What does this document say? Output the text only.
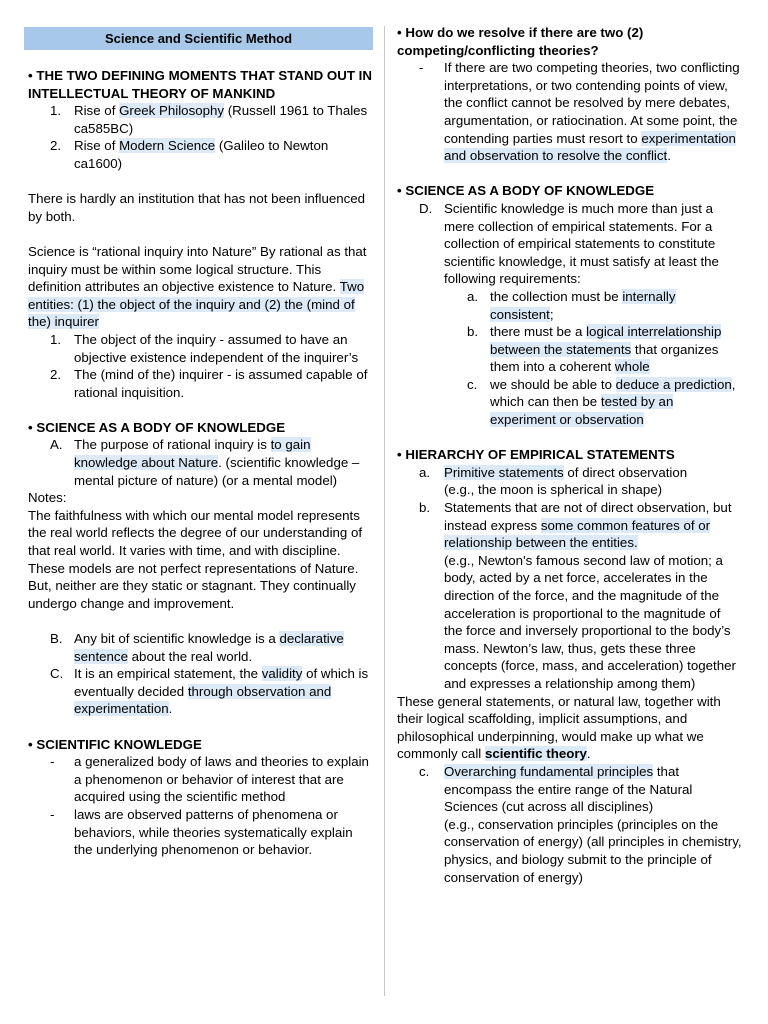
Science and Scientific Method

• THE TWO DEFINING MOMENTS THAT STAND OUT IN INTELLECTUAL THEORY OF MANKIND

1. Rise of Greek Philosophy (Russell 1961 to Thales ca585BC)
2. Rise of Modern Science (Galileo to Newton ca1600)

There is hardly an institution that has not been influenced by both.

Science is “rational inquiry into Nature” By rational as that inquiry must be within some logical structure. This definition attributes an objective existence to Nature. Two entities: (1) the object of the inquiry and (2) the (mind of the) inquirer

1. The object of the inquiry - assumed to have an objective existence independent of the inquirer’s
2. The (mind of the) inquirer - is assumed capable of rational inquisition.

• SCIENCE AS A BODY OF KNOWLEDGE

A. The purpose of rational inquiry is to gain knowledge about Nature. (scientific knowledge – mental picture of nature) (or a mental model)

Notes:

The faithfulness with which our mental model represents the real world reflects the degree of our understanding of that real world. It varies with time, and with discipline.

These models are not perfect representations of Nature. But, neither are they static or stagnant. They continually undergo change and improvement.

B. Any bit of scientific knowledge is a declarative sentence about the real world.
C. It is an empirical statement, the validity of which is eventually decided through observation and experimentation.

• SCIENTIFIC KNOWLEDGE

-	a generalized body of laws and theories to explain a phenomenon or behavior of interest that are acquired using the scientific method
-	laws are observed patterns of phenomena or behaviors, while theories systematically explain the underlying phenomenon or behavior.

• How do we resolve if there are two (2) competing/conflicting theories?

-	If there are two competing theories, two conflicting interpretations, or two contending points of view, the conflict cannot be resolved by mere debates, argumentation, or ratiocination. At some point, the contending parties must resort to experimentation and observation to resolve the conflict.

• SCIENCE AS A BODY OF KNOWLEDGE

D. Scientific knowledge is much more than just a mere collection of empirical statements. For a collection of empirical statements to constitute scientific knowledge, it must satisfy at least the following requirements:
a. the collection must be internally consistent;
b. there must be a logical interrelationship between the statements that organizes them into a coherent whole
c. we should be able to deduce a prediction, which can then be tested by an experiment or observation

• HIERARCHY OF EMPIRICAL STATEMENTS

a.	Primitive statements of direct observation
(e.g., the moon is spherical in shape)
b.	Statements that are not of direct observation, but instead express some common features of or relationship between the entities.
(e.g., Newton's famous second law of motion; a body, acted by a net force, accelerates in the direction of the force, and the magnitude of the acceleration is proportional to the magnitude of the force and inversely proportional to the body’s mass. Newton’s law, thus, gets these three concepts (force, mass, and acceleration) together and expresses a relationship among them)

These general statements, or natural law, together with their logical scaffolding, implicit assumptions, and philosophical underpinning, would make up what we commonly call scientific theory.

c.	Overarching fundamental principles that encompass the entire range of the Natural Sciences (cut across all disciplines)
(e.g., conservation principles (principles on the conservation of energy) (all principles in chemistry, physics, and biology submit to the principle of conservation of energy)
